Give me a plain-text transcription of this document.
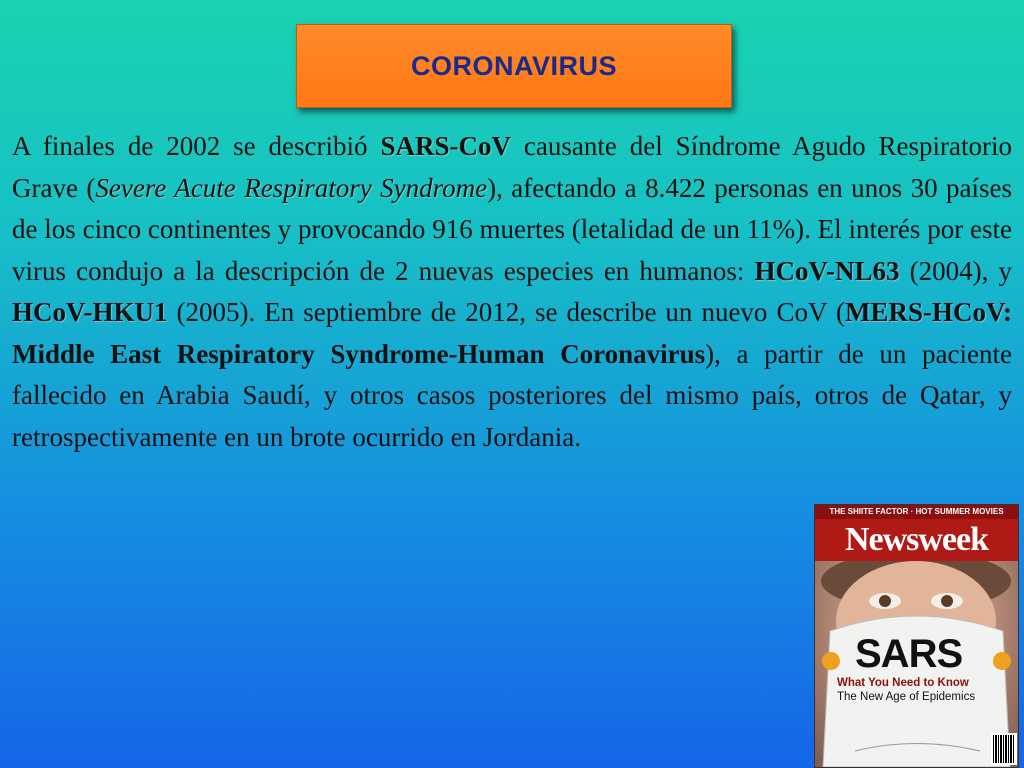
CORONAVIRUS

A finales de 2002 se describió SARS-CoV causante del Síndrome Agudo Respiratorio Grave (Severe Acute Respiratory Syndrome), afectando a 8.422 personas en unos 30 países de los cinco continentes y provocando 916 muertes (letalidad de un 11%). El interés por este virus condujo a la descripción de 2 nuevas especies en humanos: HCoV-NL63 (2004), y HCoV-HKU1 (2005). En septiembre de 2012, se describe un nuevo CoV (MERS-HCoV: Middle East Respiratory Syndrome-Human Coronavirus), a partir de un paciente fallecido en Arabia Saudí, y otros casos posteriores del mismo país, otros de Qatar, y retrospectivamente en un brote ocurrido en Jordania.

THE SHIITE FACTOR · HOT SUMMER MOVIES
Newsweek
SARS
What You Need to Know
The New Age of Epidemics
